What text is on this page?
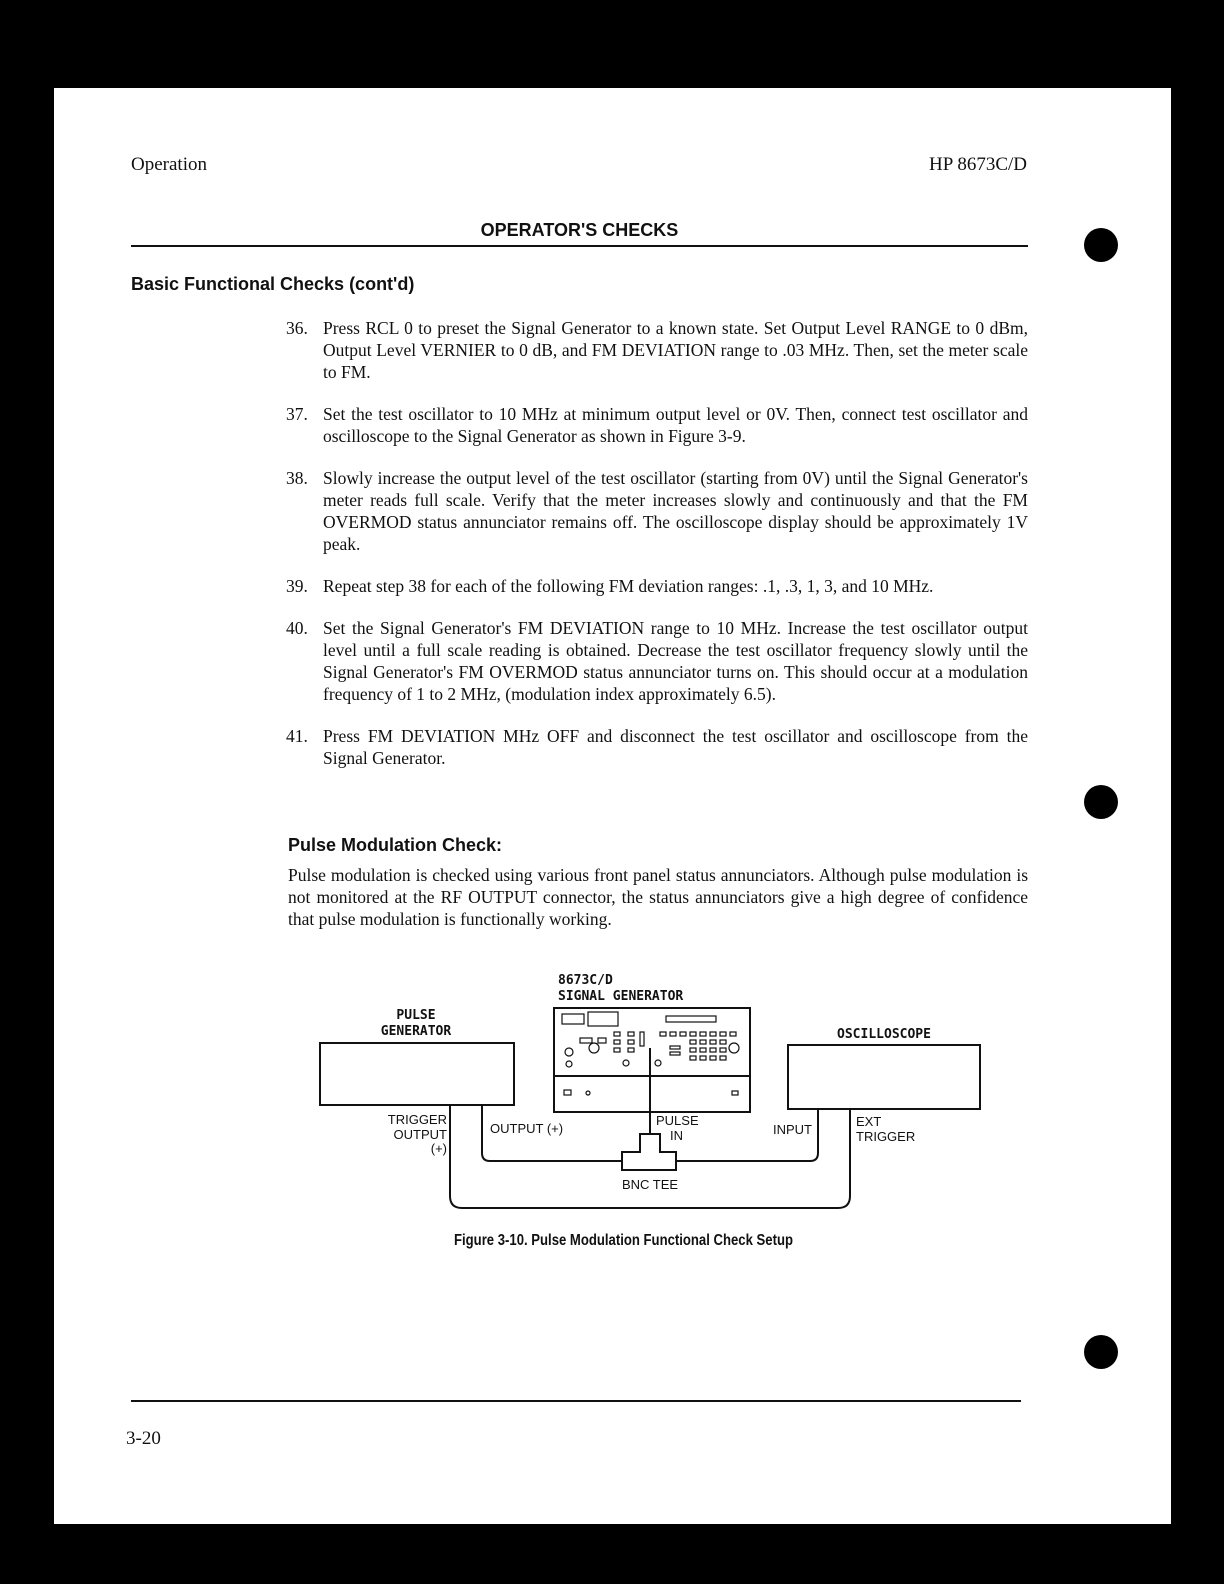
Operation	HP 8673C/D
OPERATOR'S CHECKS
Basic Functional Checks (cont'd)
36. Press RCL 0 to preset the Signal Generator to a known state. Set Output Level RANGE to 0 dBm, Output Level VERNIER to 0 dB, and FM DEVIATION range to .03 MHz. Then, set the meter scale to FM.
37. Set the test oscillator to 10 MHz at minimum output level or 0V. Then, connect test oscillator and oscilloscope to the Signal Generator as shown in Figure 3-9.
38. Slowly increase the output level of the test oscillator (starting from 0V) until the Signal Generator's meter reads full scale. Verify that the meter increases slowly and continuously and that the FM OVERMOD status annunciator remains off. The oscilloscope display should be approximately 1V peak.
39. Repeat step 38 for each of the following FM deviation ranges: .1, .3, 1, 3, and 10 MHz.
40. Set the Signal Generator's FM DEVIATION range to 10 MHz. Increase the test oscillator output level until a full scale reading is obtained. Decrease the test oscillator frequency slowly until the Signal Generator's FM OVERMOD status annunciator turns on. This should occur at a modulation frequency of 1 to 2 MHz, (modulation index approximately 6.5).
41. Press FM DEVIATION MHz OFF and disconnect the test oscillator and oscilloscope from the Signal Generator.
Pulse Modulation Check:

Pulse modulation is checked using various front panel status annunciators. Although pulse modulation is not monitored at the RF OUTPUT connector, the status annunciators give a high degree of confidence that pulse modulation is functionally working.

8673C/D
SIGNAL GENERATOR
PULSE
GENERATOR	OSCILLOSCOPE
TRIGGER
OUTPUT
(+)
OUTPUT (+)
PULSE
IN	INPUT
EXT
TRIGGER
BNC TEE
Figure 3-10. Pulse Modulation Functional Check Setup
3-20
